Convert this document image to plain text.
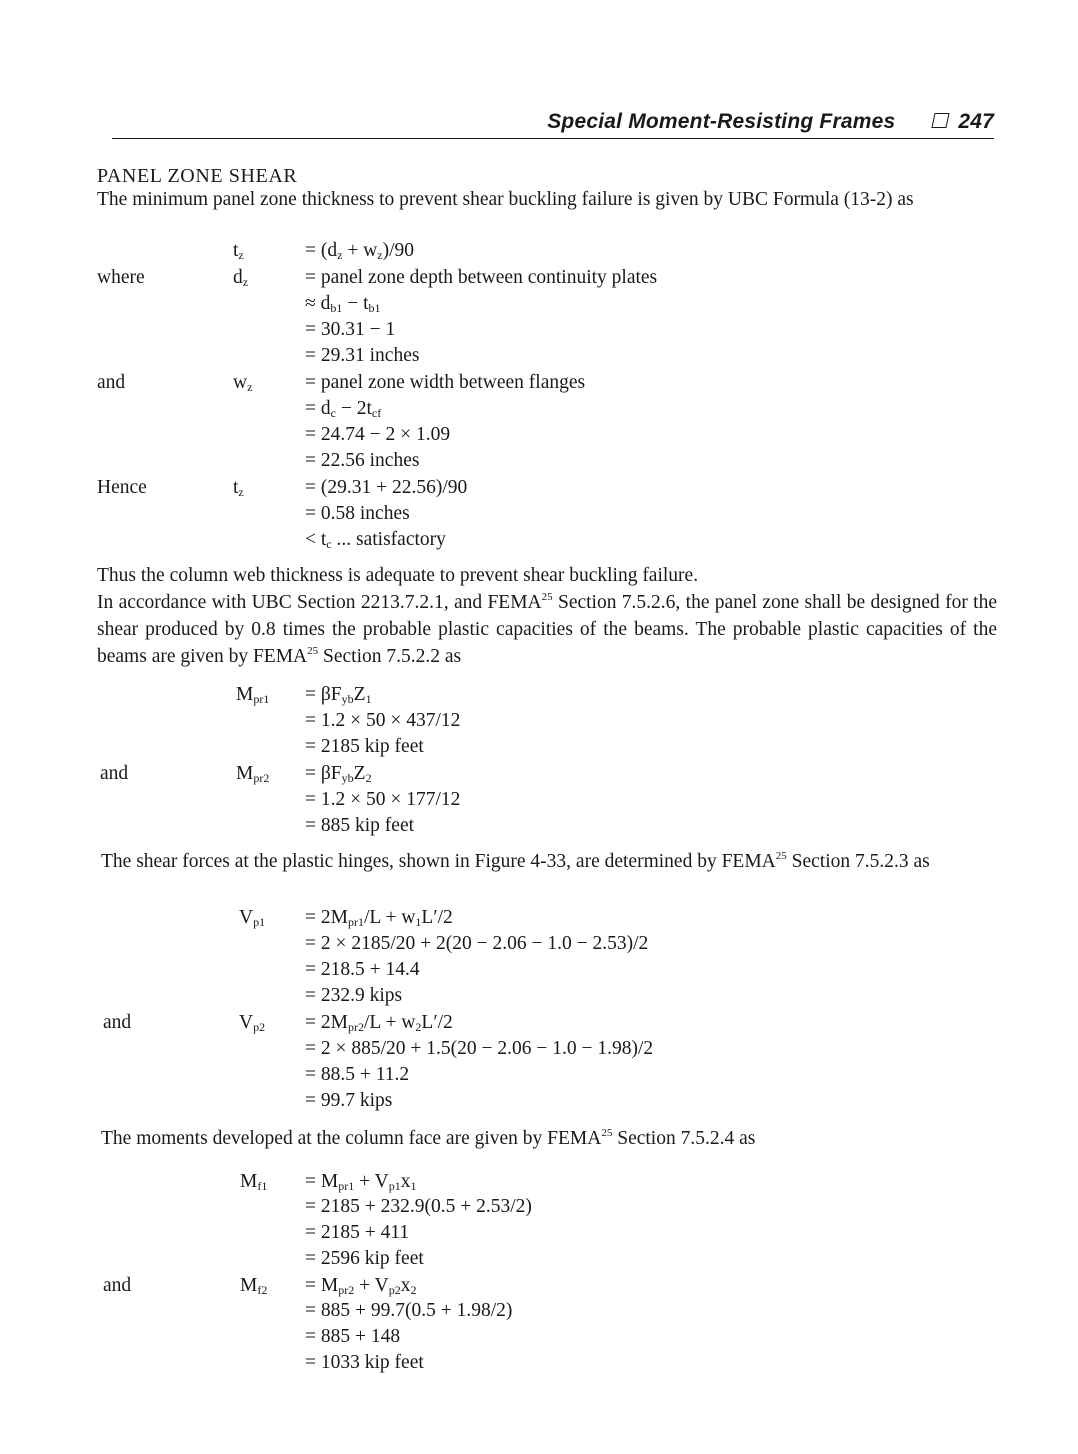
Special Moment-Resisting Frames	247
PANEL ZONE SHEAR

The minimum panel zone thickness to prevent shear buckling failure is given by UBC Formula (13-2) as

$t_z$	= $(d_z + w_z)/90$
where	$d_z$	= panel zone depth between continuity plates
≈ $d_{b1} - t_{b1}$
= 30.31 − 1
= 29.31 inches
and	$w_z$	= panel zone width between flanges
= $d_c - 2t_{cf}$
= 24.74 − 2 × 1.09
= 22.56 inches
Hence	$t_z$	= (29.31 + 22.56)/90
= 0.58 inches
< $t_c$ ... satisfactory
Thus the column web thickness is adequate to prevent shear buckling failure.
In accordance with UBC Section 2213.7.2.1, and FEMA$^{25}$ Section 7.5.2.6, the panel zone shall be designed for the shear produced by 0.8 times the probable plastic capacities of the beams. The probable plastic capacities of the beams are given by FEMA$^{25}$ Section 7.5.2.2 as
$M_{pr1} = \beta F_{yb}Z_1$
= 1.2 × 50 × 437/12
= 2185 kip feet
and	$M_{pr2} = \beta F_{yb}Z_2$
= 1.2 × 50 × 177/12
= 885 kip feet

The shear forces at the plastic hinges, shown in Figure 4-33, are determined by FEMA$^{25}$ Section 7.5.2.3 as

$V_{p1} = 2M_{pr1}/L + w_1L'/2$
= 2 × 2185/20 + 2(20 − 2.06 − 1.0 − 2.53)/2
= 218.5 + 14.4
= 232.9 kips
and	$V_{p2} = 2M_{pr2}/L + w_2L'/2$
= 2 × 885/20 + 1.5(20 − 2.06 − 1.0 − 1.98)/2
= 88.5 + 11.2
= 99.7 kips

The moments developed at the column face are given by FEMA$^{25}$ Section 7.5.2.4 as

$M_{f1} = M_{pr1} + V_{p1}x_1$
= 2185 + 232.9(0.5 + 2.53/2)
= 2185 + 411
= 2596 kip feet
and	$M_{f2} = M_{pr2} + V_{p2}x_2$
= 885 + 99.7(0.5 + 1.98/2)
= 885 + 148
= 1033 kip feet
